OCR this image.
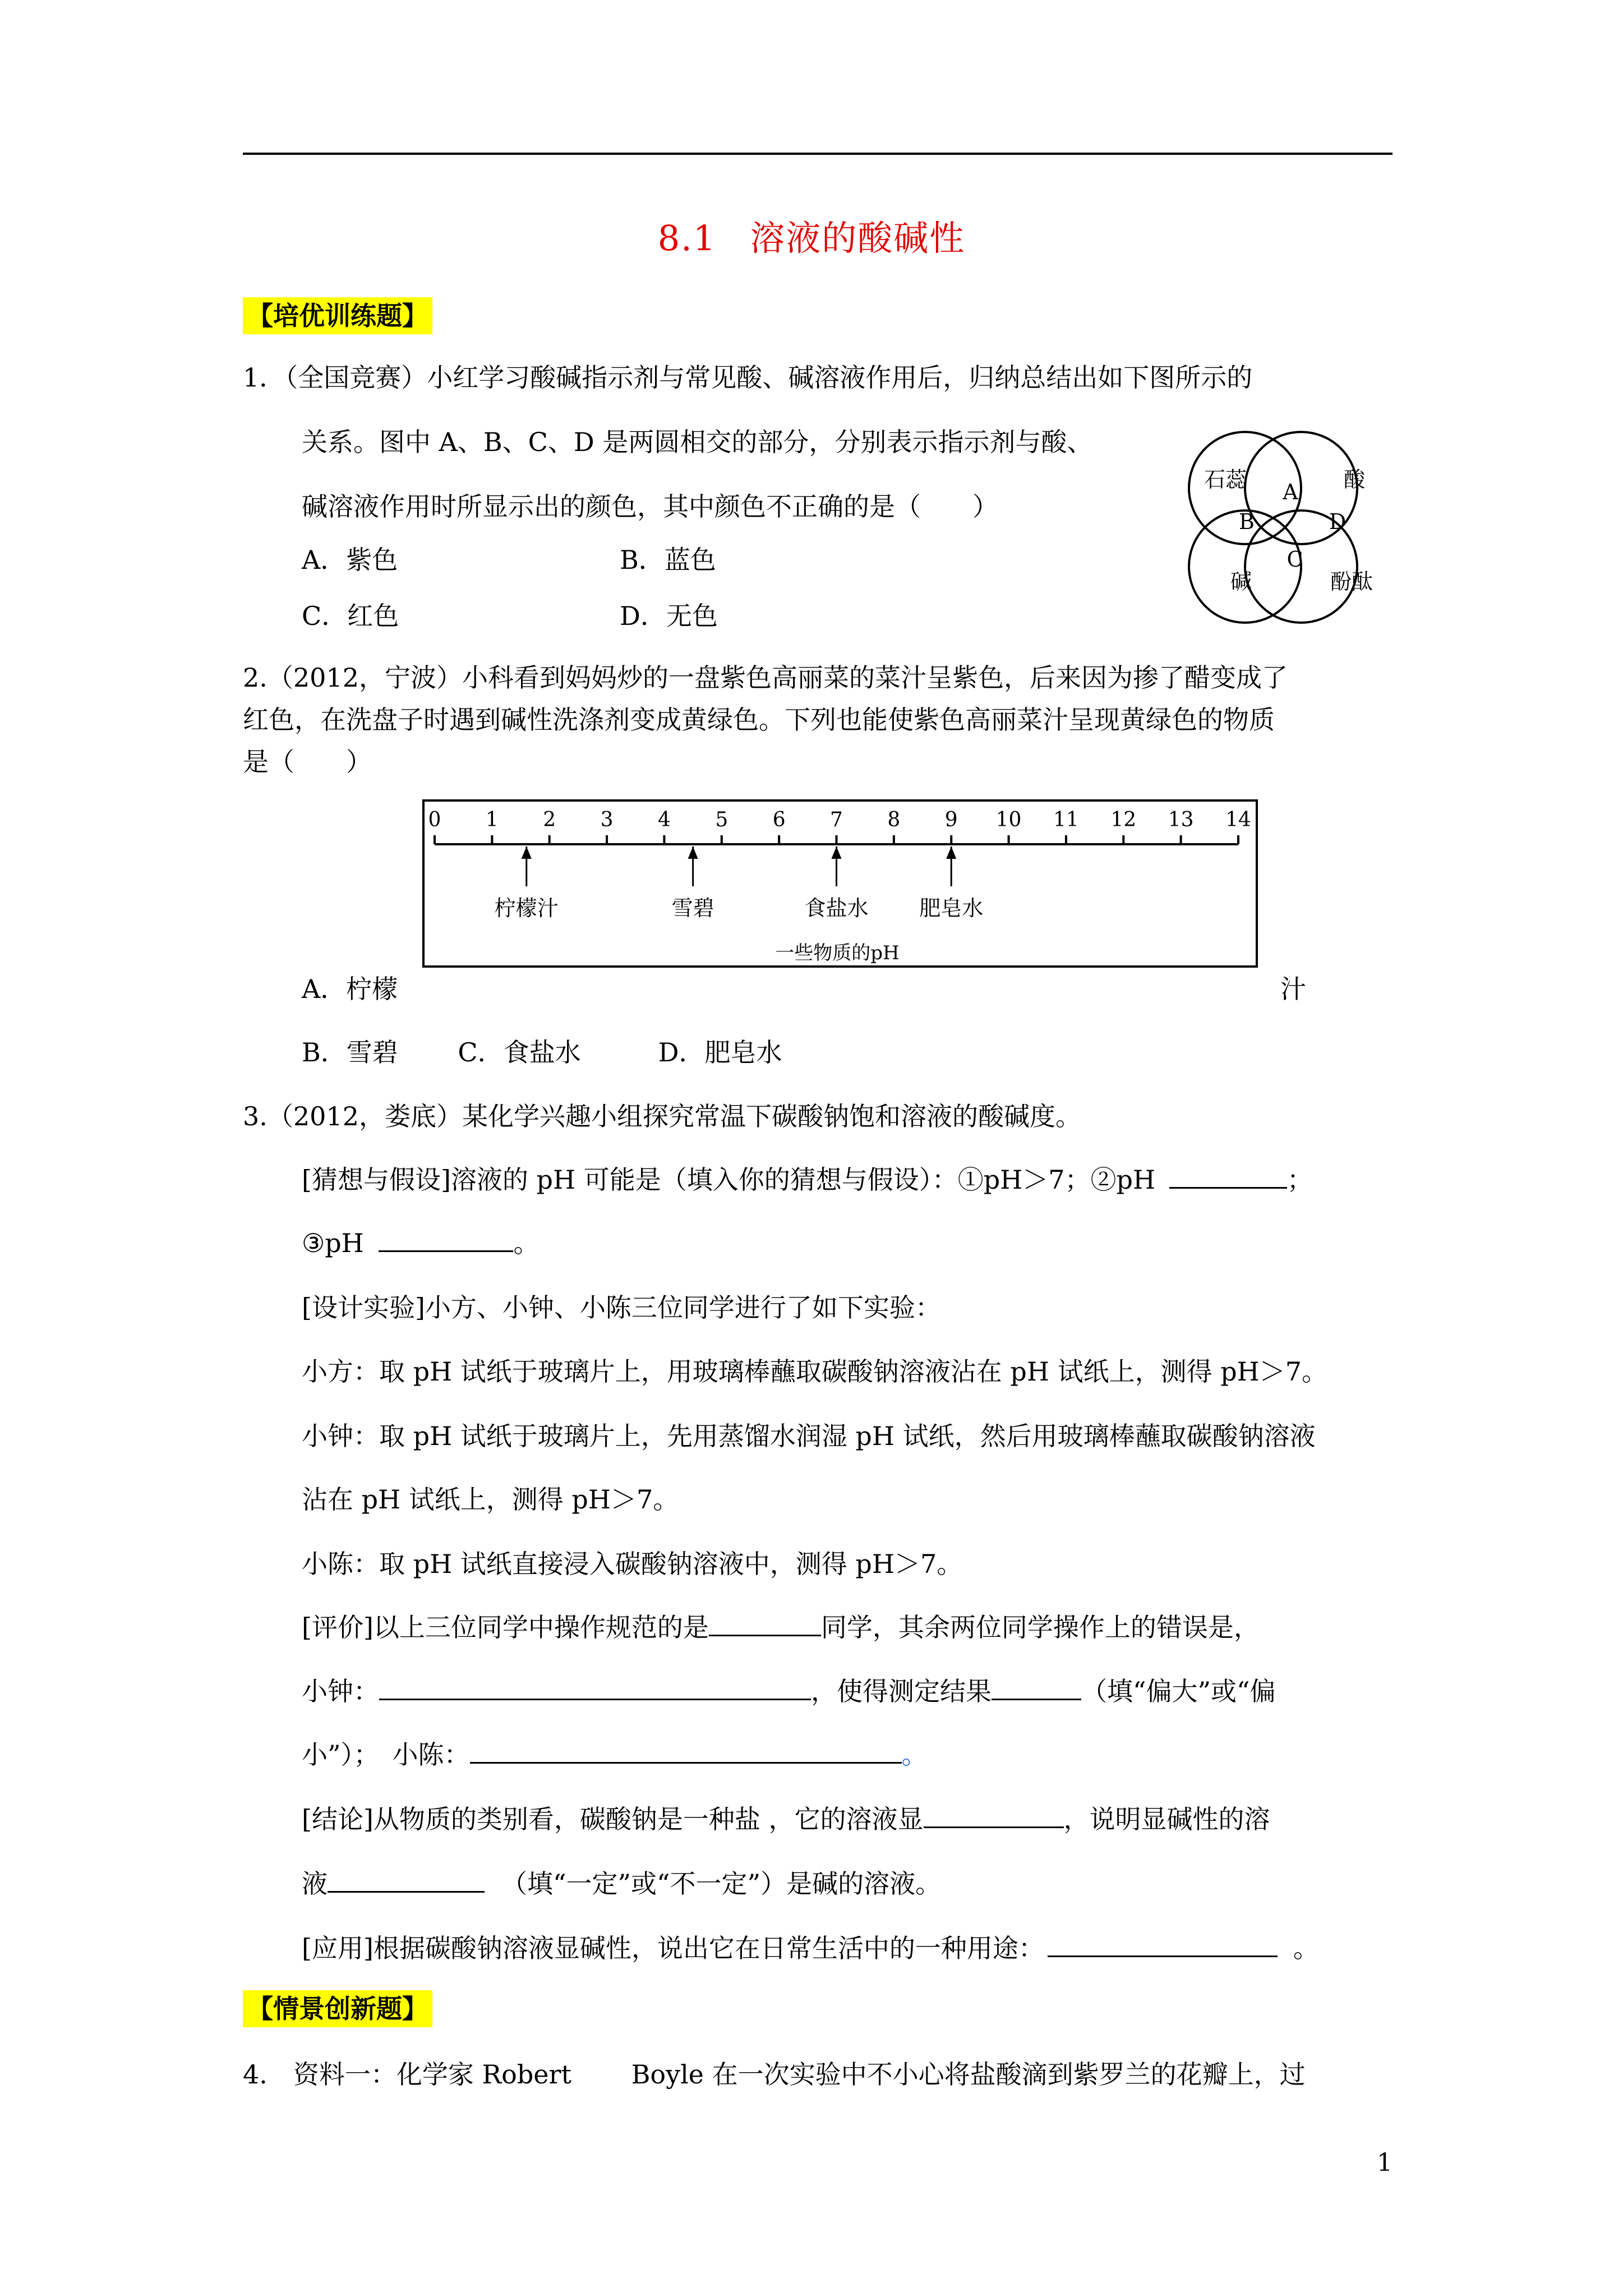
8.1 溶液的酸碱性
【培优训练题】
1．（全国竞赛）小红学习酸碱指示剂与常见酸、碱溶液作用后，归纳总结出如下图所示的
关系。图中 A、B、C、D 是两圆相交的部分，分别表示指示剂与酸、
碱溶液作用时所显示出的颜色，其中颜色不正确的是（　　）
A．紫色	B．蓝色
C．红色	D．无色
石蕊	酸
碱	酚酞
A
B	D
C
2.（2012，宁波）小科看到妈妈炒的一盘紫色高丽菜的菜汁呈紫色，后来因为掺了醋变成了
红色，在洗盘子时遇到碱性洗涤剂变成黄绿色。下列也能使紫色高丽菜汁呈现黄绿色的物质
是（　　）
0 1 2 3 4 5 6 7 8 9 10 11 12 13 14
柠檬汁	雪碧	食盐水 肥皂水
一些物质的pH
A．柠檬	汁
B．雪碧　　 C．食盐水　　　D．肥皂水
3.（2012，娄底）某化学兴趣小组探究常温下碳酸钠饱和溶液的酸碱度。
[猜想与假设]溶液的 pH 可能是（填入你的猜想与假设）：①pH＞7；②pH	；
③pH	。
[设计实验]小方、小钟、小陈三位同学进行了如下实验：
小方：取 pH 试纸于玻璃片上，用玻璃棒蘸取碳酸钠溶液沾在 pH 试纸上，测得 pH＞7。
小钟：取 pH 试纸于玻璃片上，先用蒸馏水润湿 pH 试纸，然后用玻璃棒蘸取碳酸钠溶液
沾在 pH 试纸上，测得 pH＞7。
小陈：取 pH 试纸直接浸入碳酸钠溶液中，测得 pH＞7。
[评价]以上三位同学中操作规范的是	同学，其余两位同学操作上的错误是，
小钟：	，使得测定结果	（填“偏大”或“偏
小”）；　小陈：	。
[结论]从物质的类别看，碳酸钠是一种盐 ，它的溶液显	，说明显碱性的溶
液	（填“一定”或“不一定”）是碱的溶液。
[应用]根据碳酸钠溶液显碱性，说出它在日常生活中的一种用途：	。
【情景创新题】
4.　资料一：化学家 Robert　　 Boyle 在一次实验中不小心将盐酸滴到紫罗兰的花瓣上，过
1
